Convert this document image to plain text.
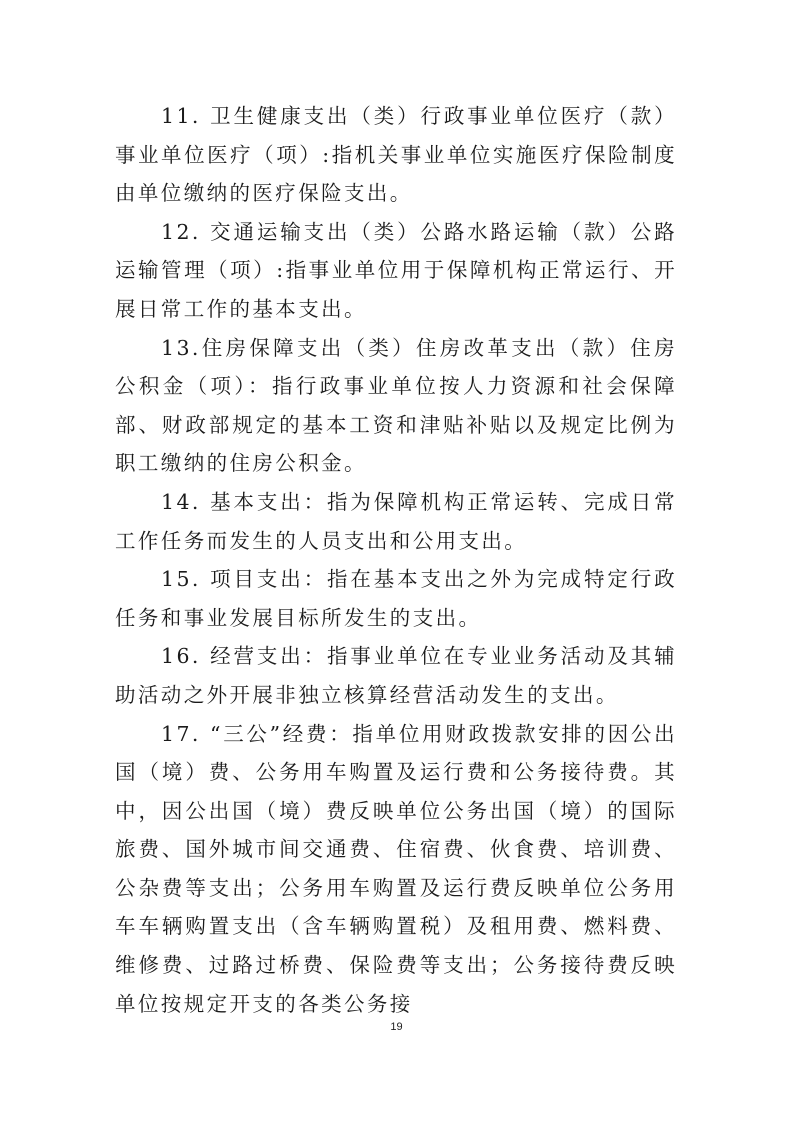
11. 卫生健康支出（类）行政事业单位医疗（款）事业单位医疗（项）:指机关事业单位实施医疗保险制度由单位缴纳的医疗保险支出。

12. 交通运输支出（类）公路水路运输（款）公路运输管理（项）:指事业单位用于保障机构正常运行、开展日常工作的基本支出。

13.住房保障支出（类）住房改革支出（款）住房公积金（项）：指行政事业单位按人力资源和社会保障部、财政部规定的基本工资和津贴补贴以及规定比例为职工缴纳的住房公积金。

14. 基本支出：指为保障机构正常运转、完成日常工作任务而发生的人员支出和公用支出。

15. 项目支出：指在基本支出之外为完成特定行政任务和事业发展目标所发生的支出。

16. 经营支出：指事业单位在专业业务活动及其辅助活动之外开展非独立核算经营活动发生的支出。

17. “三公”经费：指单位用财政拨款安排的因公出国（境）费、公务用车购置及运行费和公务接待费。其中，因公出国（境）费反映单位公务出国（境）的国际旅费、国外城市间交通费、住宿费、伙食费、培训费、公杂费等支出；公务用车购置及运行费反映单位公务用车车辆购置支出（含车辆购置税）及租用费、燃料费、维修费、过路过桥费、保险费等支出；公务接待费反映单位按规定开支的各类公务接

19
